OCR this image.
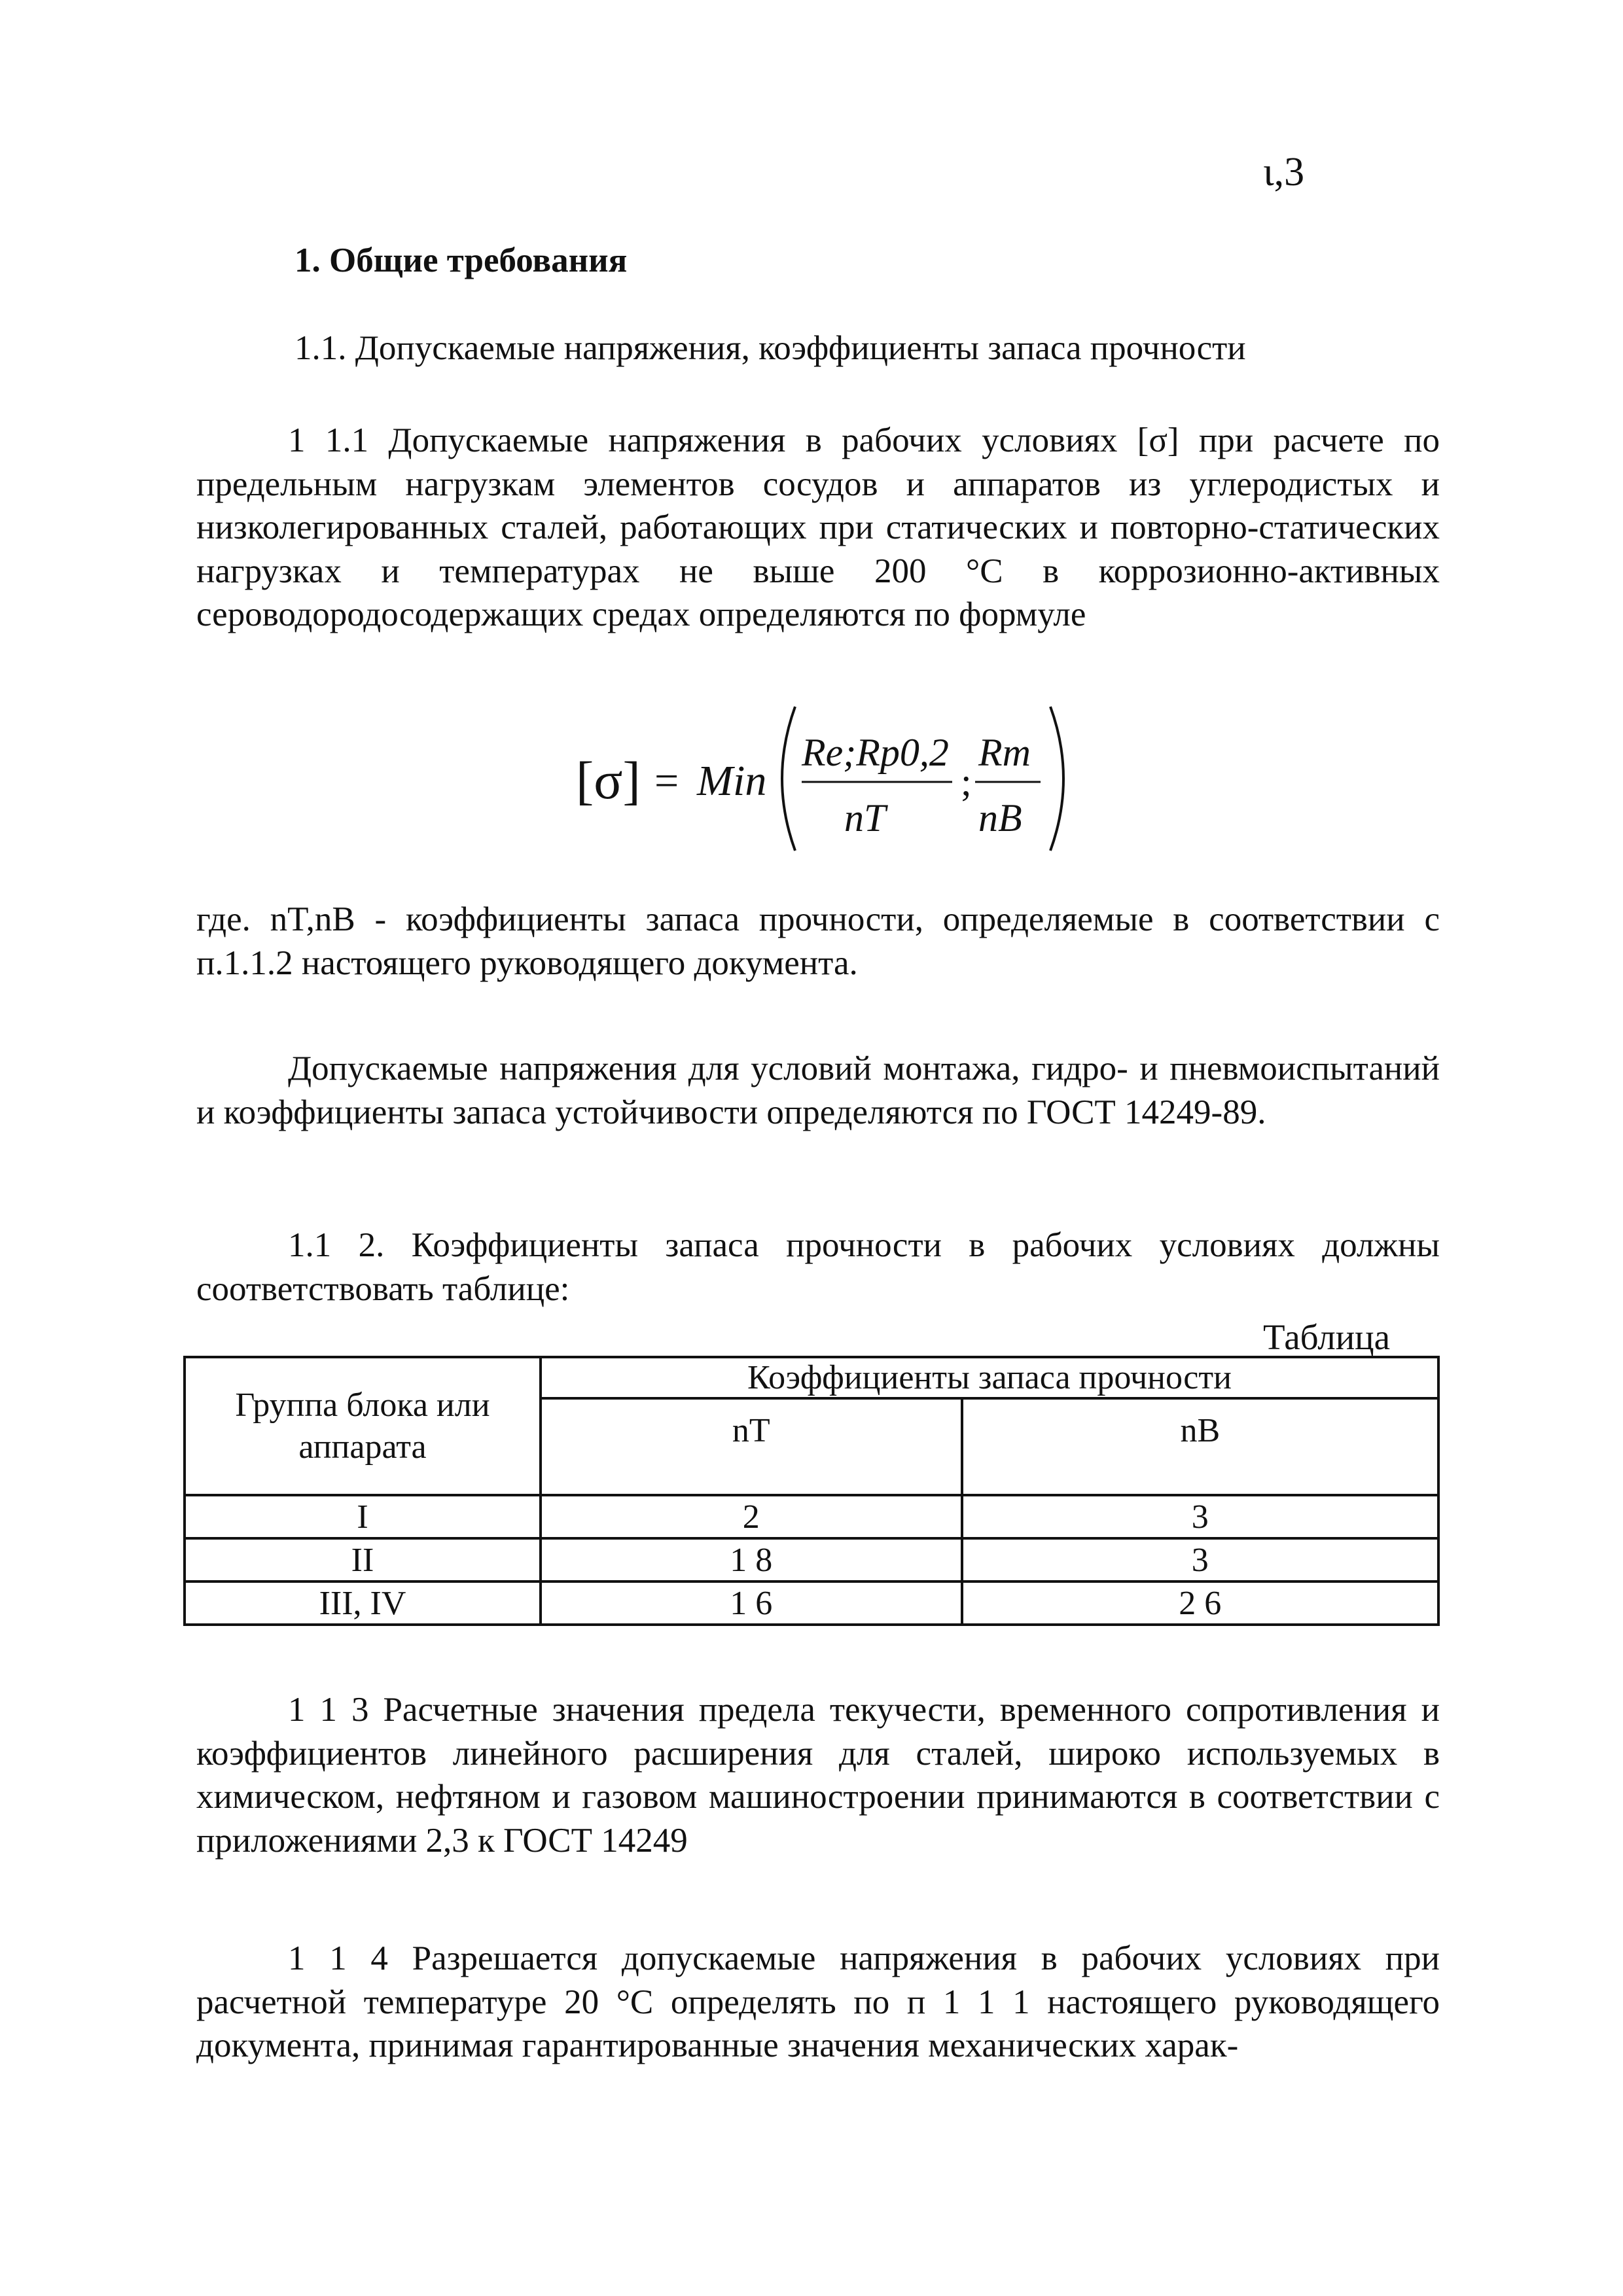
ι,3
1. Общие требования
1.1. Допускаемые напряжения, коэффициенты запаса прочности
1 1.1 Допускаемые напряжения в рабочих условиях [σ] при расчете по предельным нагрузкам элементов сосудов и аппаратов из углеродистых и низколегированных сталей, работающих при статических и повторно-статических нагрузках и температурах не выше 200 °С в коррозионно-активных сероводородосодержащих средах определяются по формуле
[σ] = Min
Re;Rp0,2
nT
;
Rm
nB
где. nT,nB - коэффициенты запаса прочности, определяемые в соответствии с п.1.1.2 настоящего руководящего документа.
Допускаемые напряжения для условий монтажа, гидро- и пневмоиспытаний и коэффициенты запаса устойчивости определяются по ГОСТ 14249-89.
1.1 2. Коэффициенты запаса прочности в рабочих условиях должны соответствовать таблице:
Таблица
Группа блока или аппарата	Коэффициенты запаса прочности	
	nT	nB
I	2	3
II	1 8	3
III, IV	1 6	2 6
1 1 3 Расчетные значения предела текучести, временного сопротивления и коэффициентов линейного расширения для сталей, широко используемых в химическом, нефтяном и газовом машиностроении принимаются в соответствии с приложениями 2,3 к ГОСТ 14249
1 1 4 Разрешается допускаемые напряжения в рабочих условиях при расчетной температуре 20 °С определять по п 1 1 1 настоящего руководящего документа, принимая гарантированные значения механических харак-
